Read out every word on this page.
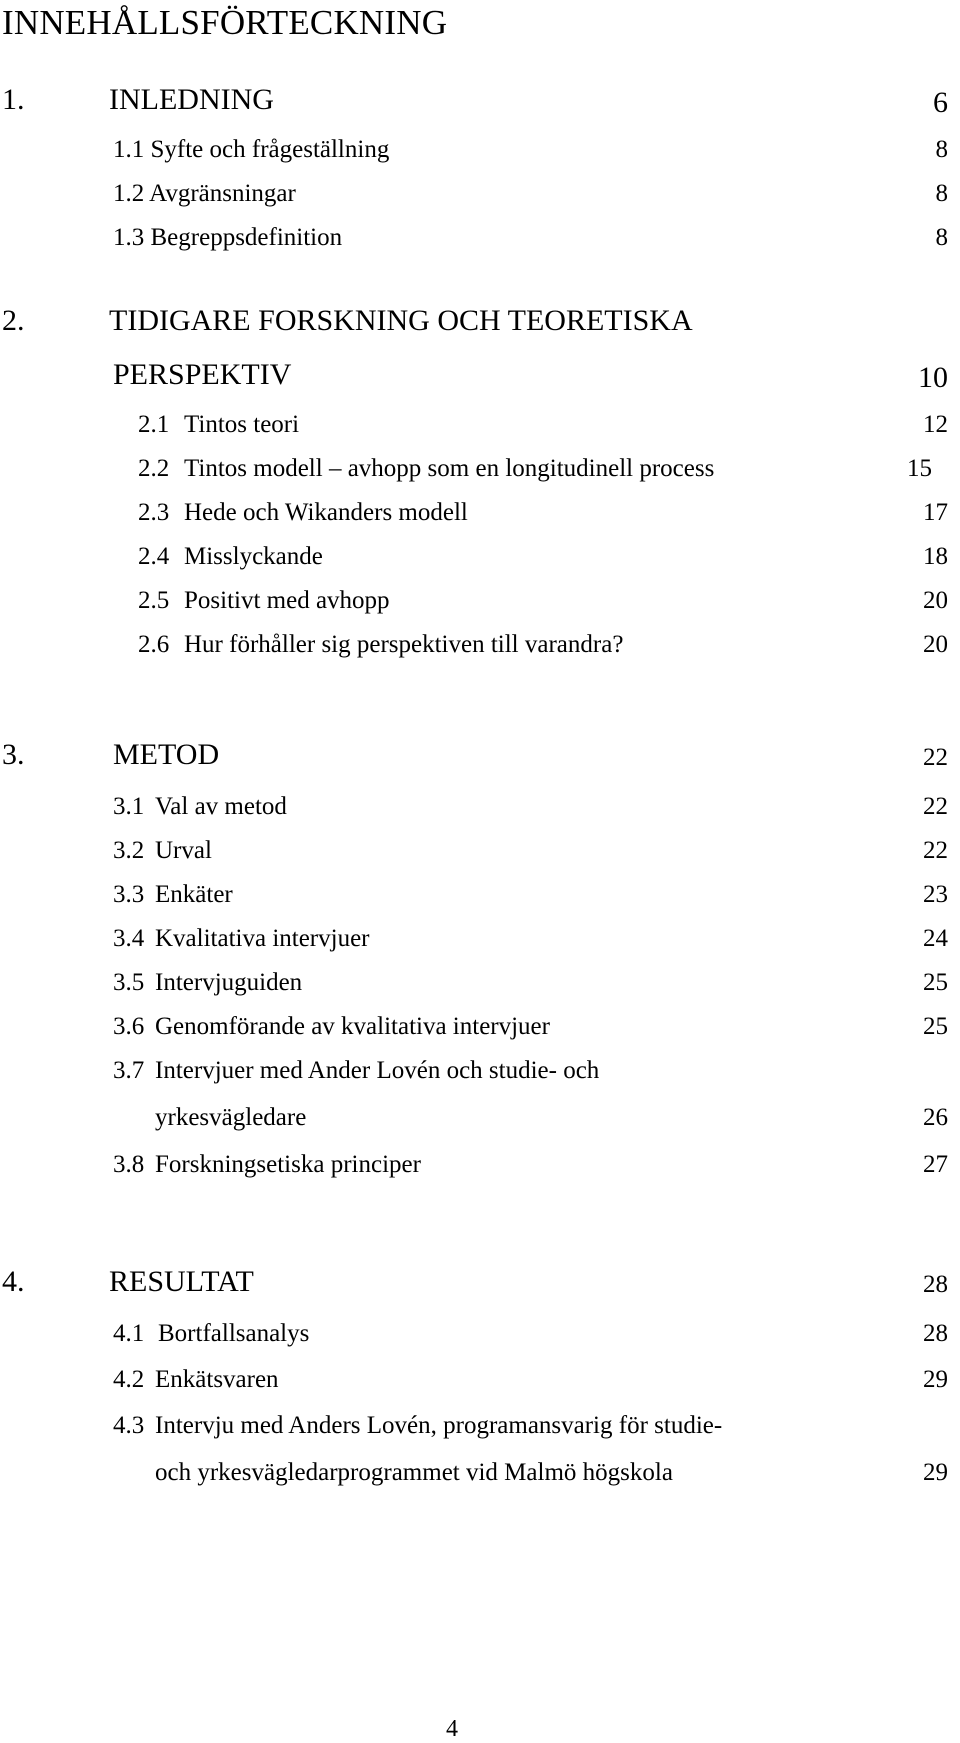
INNEHÅLLSFÖRTECKNING
1.	INLEDNING	6
1.1 Syfte och frågeställning	8
1.2 Avgränsningar	8
1.3 Begreppsdefinition	8
2.	TIDIGARE FORSKNING OCH TEORETISKA
PERSPEKTIV	10
2.1 Tintos teori	12
2.2 Tintos modell – avhopp som en longitudinell process	15
2.3 Hede och Wikanders modell	17
2.4 Misslyckande	18
2.5 Positivt med avhopp	20
2.6 Hur förhåller sig perspektiven till varandra?	20
3.	METOD	22
3.1 Val av metod	22
3.2 Urval	22
3.3 Enkäter	23
3.4 Kvalitativa intervjuer	24
3.5 Intervjuguiden	25
3.6 Genomförande av kvalitativa intervjuer	25
3.7 Intervjuer med Ander Lovén och studie- och
yrkesvägledare	26
3.8 Forskningsetiska principer	27
4.	RESULTAT	28
4.1 Bortfallsanalys	28
4.2 Enkätsvaren	29
4.3 Intervju med Anders Lovén, programansvarig för studie-
och yrkesvägledarprogrammet vid Malmö högskola	29
4
